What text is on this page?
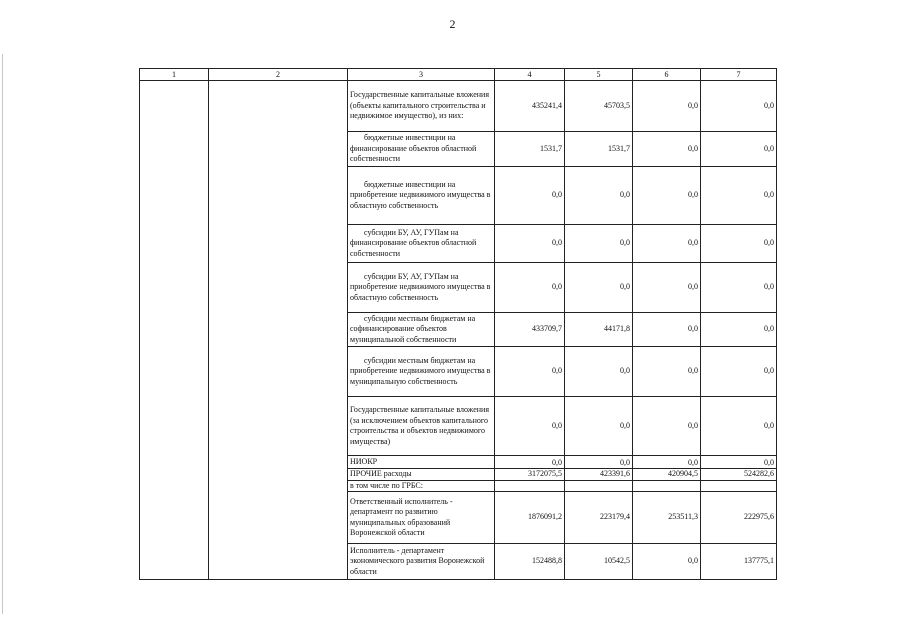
2
1	2	3	4	5	6	7
		Государственные капитальные вложения (объекты капитального строительства и недвижимое имущество), из них:	435241,4	45703,5	0,0	0,0

		бюджетные инвестиции на финансирование объектов областной собственности	1531,7	1531,7	0,0	0,0

		бюджетные инвестиции на приобретение недвижимого имущества в областную собственность	0,0	0,0	0,0	0,0

		субсидии БУ, АУ, ГУПам на финансирование объектов областной собственности	0,0	0,0	0,0	0,0

		субсидии БУ, АУ, ГУПам на приобретение недвижимого имущества в областную собственность	0,0	0,0	0,0	0,0

		субсидии местным бюджетам на софинансирование объектов муниципальной собственности	433709,7	44171,8	0,0	0,0

		субсидии местным бюджетам на приобретение недвижимого имущества в муниципальную собственность	0,0	0,0	0,0	0,0
		Государственные капитальные вложения (за исключением объектов капитального строительства и объектов недвижимого имущества)	0,0	0,0	0,0	0,0
		НИОКР	0,0	0,0	0,0	0,0
		ПРОЧИЕ расходы	3172075,5	423391,6	420904,5	524282,6
		в том числе по ГРБС:				
		Ответственный исполнитель - департамент по развитию муниципальных образований Воронежской области	1876091,2	223179,4	253511,3	222975,6
		Исполнитель - департамент экономического развития Воронежской области	152488,8	10542,5	0,0	137775,1
